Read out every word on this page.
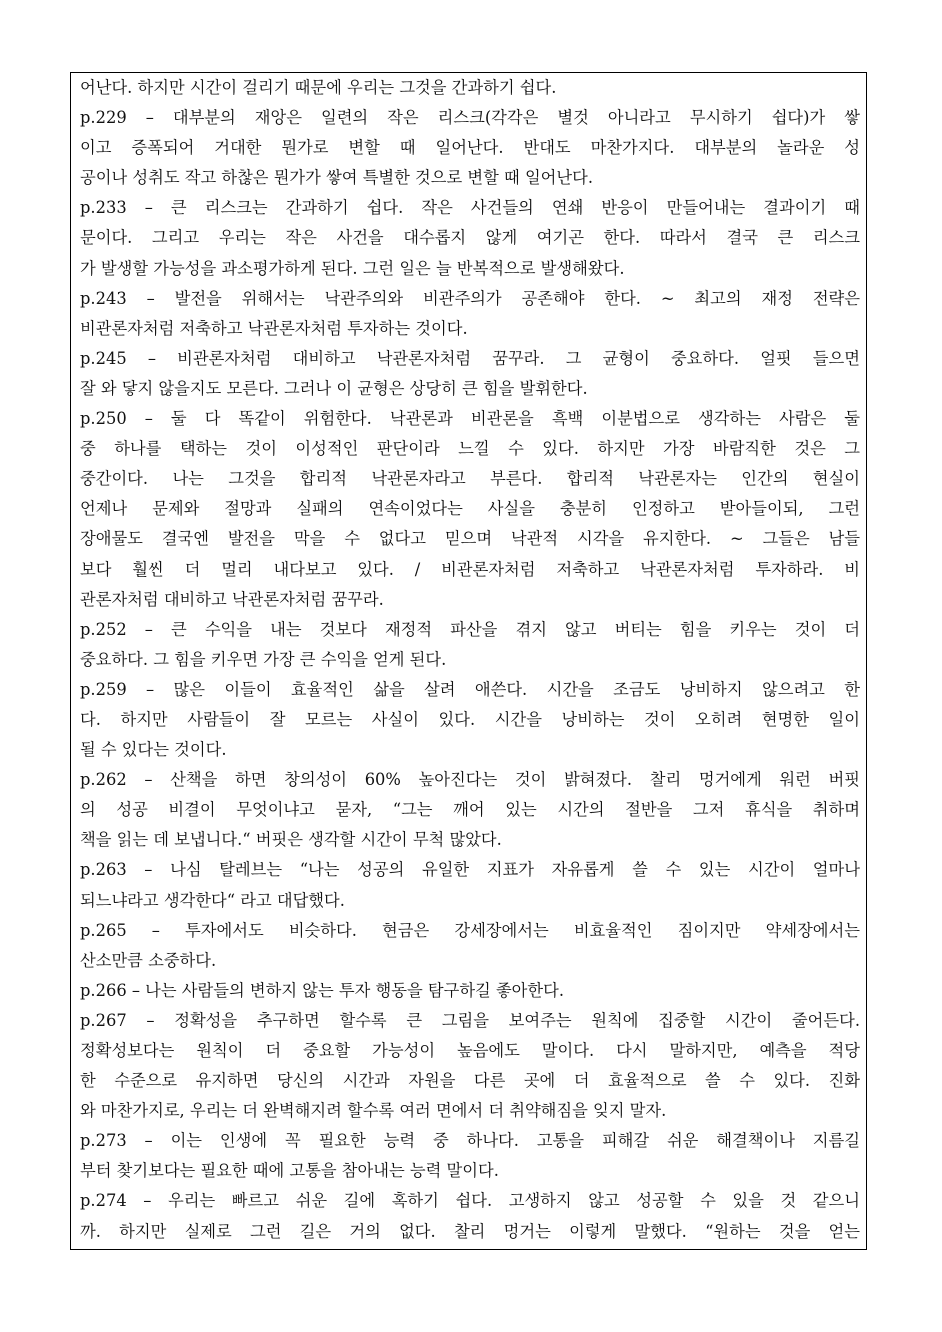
어난다. 하지만 시간이 걸리기 때문에 우리는 그것을 간과하기 쉽다.
p.229 – 대부분의 재앙은 일련의 작은 리스크(각각은 별것 아니라고 무시하기 쉽다)가 쌓
이고 증폭되어 거대한 뭔가로 변할 때 일어난다. 반대도 마찬가지다. 대부분의 놀라운 성
공이나 성취도 작고 하찮은 뭔가가 쌓여 특별한 것으로 변할 때 일어난다.
p.233 – 큰 리스크는 간과하기 쉽다. 작은 사건들의 연쇄 반응이 만들어내는 결과이기 때
문이다. 그리고 우리는 작은 사건을 대수롭지 않게 여기곤 한다. 따라서 결국 큰 리스크
가 발생할 가능성을 과소평가하게 된다. 그런 일은 늘 반복적으로 발생해왔다.
p.243 – 발전을 위해서는 낙관주의와 비관주의가 공존해야 한다. ~ 최고의 재정 전략은
비관론자처럼 저축하고 낙관론자처럼 투자하는 것이다.
p.245 – 비관론자처럼 대비하고 낙관론자처럼 꿈꾸라. 그 균형이 중요하다. 얼핏 들으면
잘 와 닿지 않을지도 모른다. 그러나 이 균형은 상당히 큰 힘을 발휘한다.
p.250 – 둘 다 똑같이 위험한다. 낙관론과 비관론을 흑백 이분법으로 생각하는 사람은 둘
중 하나를 택하는 것이 이성적인 판단이라 느낄 수 있다. 하지만 가장 바람직한 것은 그
중간이다. 나는 그것을 합리적 낙관론자라고 부른다. 합리적 낙관론자는 인간의 현실이
언제나 문제와 절망과 실패의 연속이었다는 사실을 충분히 인정하고 받아들이되, 그런
장애물도 결국엔 발전을 막을 수 없다고 믿으며 낙관적 시각을 유지한다. ~ 그들은 남들
보다 훨씬 더 멀리 내다보고 있다. / 비관론자처럼 저축하고 낙관론자처럼 투자하라. 비
관론자처럼 대비하고 낙관론자처럼 꿈꾸라.
p.252 – 큰 수익을 내는 것보다 재정적 파산을 겪지 않고 버티는 힘을 키우는 것이 더
중요하다. 그 힘을 키우면 가장 큰 수익을 얻게 된다.
p.259 – 많은 이들이 효율적인 삶을 살려 애쓴다. 시간을 조금도 낭비하지 않으려고 한
다. 하지만 사람들이 잘 모르는 사실이 있다. 시간을 낭비하는 것이 오히려 현명한 일이
될 수 있다는 것이다.
p.262 – 산책을 하면 창의성이 60% 높아진다는 것이 밝혀졌다. 찰리 멍거에게 워런 버핏
의 성공 비결이 무엇이냐고 묻자, “그는 깨어 있는 시간의 절반을 그저 휴식을 취하며
책을 읽는 데 보냅니다.“ 버핏은 생각할 시간이 무척 많았다.
p.263 – 나심 탈레브는 “나는 성공의 유일한 지표가 자유롭게 쓸 수 있는 시간이 얼마나
되느냐라고 생각한다“ 라고 대답했다.
p.265 – 투자에서도 비슷하다. 현금은 강세장에서는 비효율적인 짐이지만 약세장에서는
산소만큼 소중하다.
p.266 – 나는 사람들의 변하지 않는 투자 행동을 탐구하길 좋아한다.
p.267 – 정확성을 추구하면 할수록 큰 그림을 보여주는 원칙에 집중할 시간이 줄어든다.
정확성보다는 원칙이 더 중요할 가능성이 높음에도 말이다. 다시 말하지만, 예측을 적당
한 수준으로 유지하면 당신의 시간과 자원을 다른 곳에 더 효율적으로 쓸 수 있다. 진화
와 마찬가지로, 우리는 더 완벽해지려 할수록 여러 면에서 더 취약해짐을 잊지 말자.
p.273 – 이는 인생에 꼭 필요한 능력 중 하나다. 고통을 피해갈 쉬운 해결책이나 지름길
부터 찾기보다는 필요한 때에 고통을 참아내는 능력 말이다.
p.274 – 우리는 빠르고 쉬운 길에 혹하기 쉽다. 고생하지 않고 성공할 수 있을 것 같으니
까. 하지만 실제로 그런 길은 거의 없다. 찰리 멍거는 이렇게 말했다. “원하는 것을 얻는
